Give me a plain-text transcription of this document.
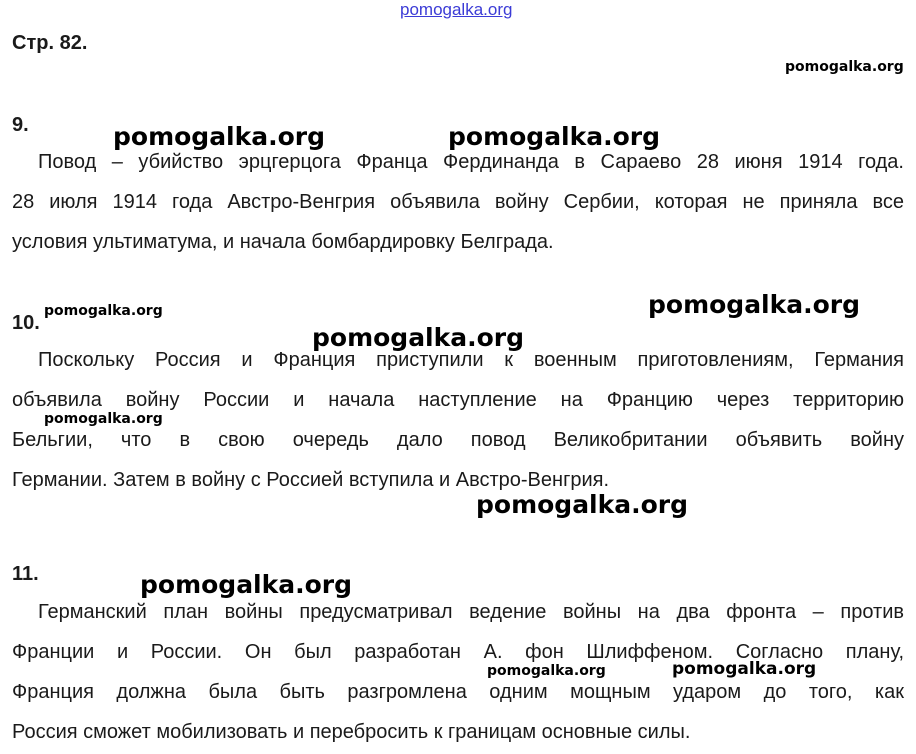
pomogalka.org
Стр. 82.
9.
Повод – убийство эрцгерцога Франца Фердинанда в Сараево 28 июня 1914 года.
28 июля 1914 года Австро-Венгрия объявила войну Сербии, которая не приняла все
условия ультиматума, и начала бомбардировку Белграда.
10.
Поскольку Россия и Франция приступили к военным приготовлениям, Германия
объявила войну России и начала наступление на Францию через территорию
Бельгии, что в свою очередь дало повод Великобритании объявить войну
Германии. Затем в войну с Россией вступила и Австро-Венгрия.
11.
Германский план войны предусматривал ведение войны на два фронта – против
Франции и России. Он был разработан А. фон Шлиффеном. Согласно плану,
Франция должна была быть разгромлена одним мощным ударом до того, как
Россия сможет мобилизовать и перебросить к границам основные силы.
pomogalka.org
pomogalka.org	pomogalka.org
pomogalka.org	pomogalka.org
pomogalka.org
pomogalka.org
pomogalka.org
pomogalka.org
pomogalka.org	pomogalka.org
